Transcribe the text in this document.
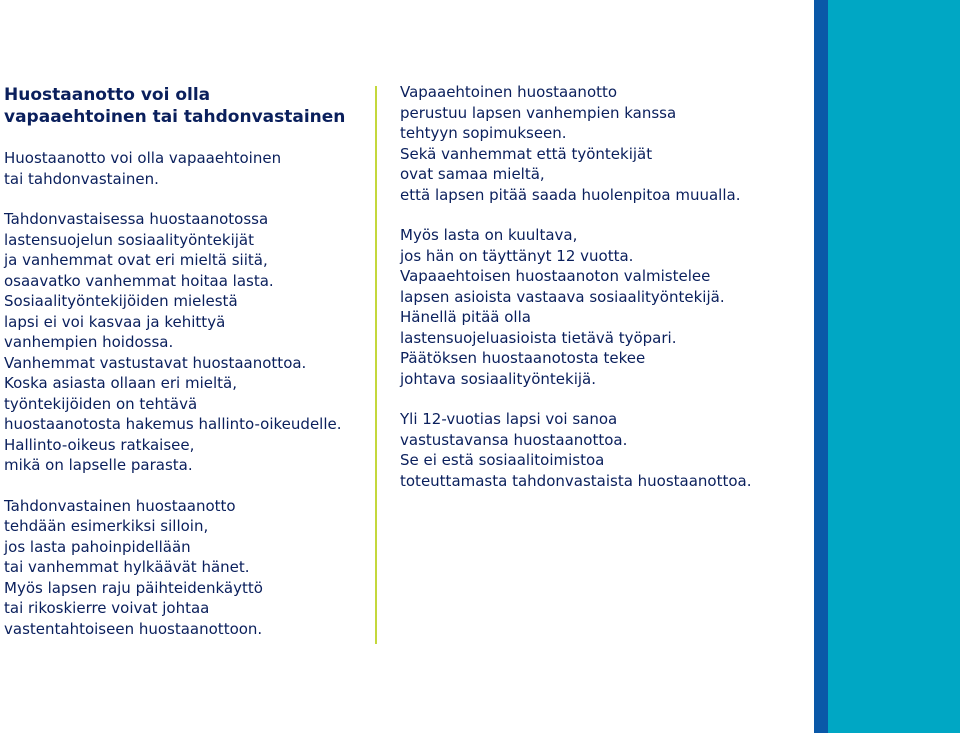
Huostaanotto voi olla
vapaaehtoinen tai tahdonvastainen

Huostaanotto voi olla vapaaehtoinen
tai tahdonvastainen.

Tahdonvastaisessa huostaanotossa
lastensuojelun sosiaalityöntekijät
ja vanhemmat ovat eri mieltä siitä,
osaavatko vanhemmat hoitaa lasta.
Sosiaalityöntekijöiden mielestä
lapsi ei voi kasvaa ja kehittyä
vanhempien hoidossa.
Vanhemmat vastustavat huostaanottoa.
Koska asiasta ollaan eri mieltä,
työntekijöiden on tehtävä
huostaanotosta hakemus hallinto-oikeudelle.
Hallinto-oikeus ratkaisee,
mikä on lapselle parasta.

Tahdonvastainen huostaanotto
tehdään esimerkiksi silloin,
jos lasta pahoinpidellään
tai vanhemmat hylkäävät hänet.
Myös lapsen raju päihteidenkäyttö
tai rikoskierre voivat johtaa
vastentahtoiseen huostaanottoon.

Vapaaehtoinen huostaanotto
perustuu lapsen vanhempien kanssa
tehtyyn sopimukseen.
Sekä vanhemmat että työntekijät
ovat samaa mieltä,
että lapsen pitää saada huolenpitoa muualla.

Myös lasta on kuultava,
jos hän on täyttänyt 12 vuotta.
Vapaaehtoisen huostaanoton valmistelee
lapsen asioista vastaava sosiaalityöntekijä.
Hänellä pitää olla
lastensuojeluasioista tietävä työpari.
Päätöksen huostaanotosta tekee
johtava sosiaalityöntekijä.

Yli 12-vuotias lapsi voi sanoa
vastustavansa huostaanottoa.
Se ei estä sosiaalitoimistoa
toteuttamasta tahdonvastaista huostaanottoa.
